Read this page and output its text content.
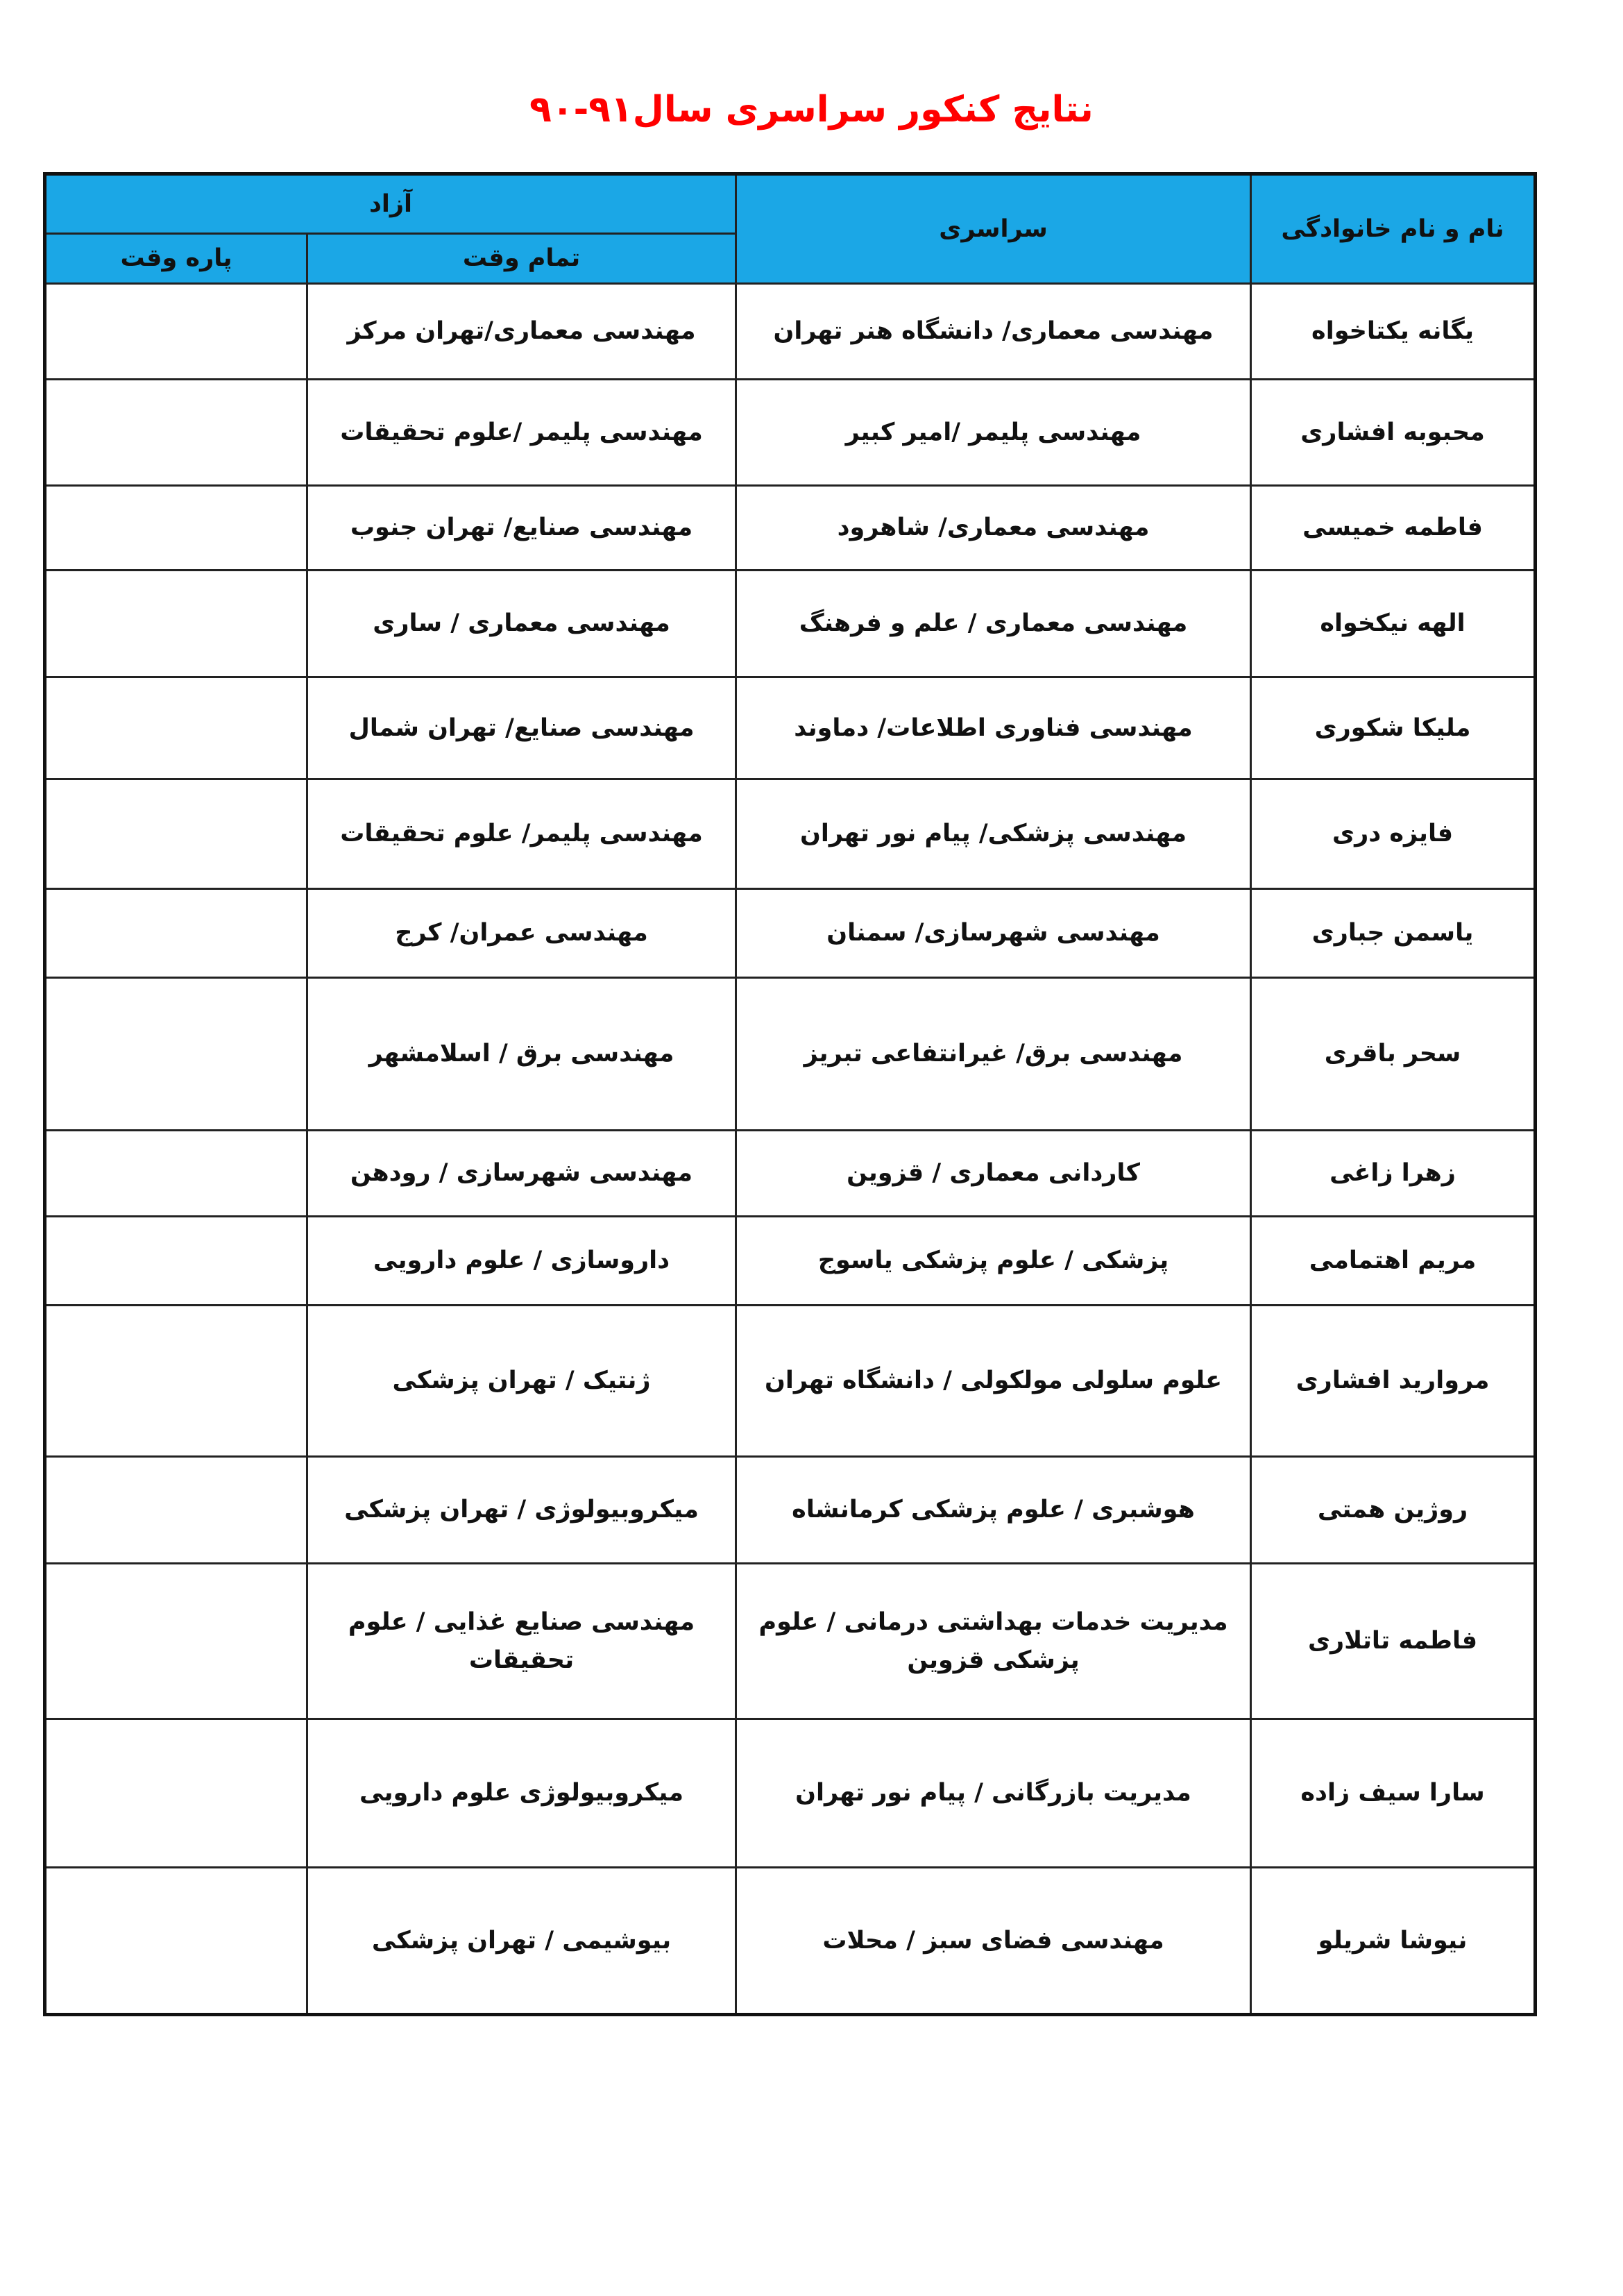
نتایج کنکور سراسری سال۹۱-۹۰
نام و نام خانوادگی	سراسری	آزاد	
		تمام وقت	پاره وقت
یگانه یکتاخواه	مهندسی معماری/ دانشگاه هنر تهران	مهندسی معماری/تهران مرکز	
محبوبه افشاری	مهندسی پلیمر /امیر کبیر	مهندسی پلیمر /علوم تحقیقات	
فاطمه خمیسی	مهندسی معماری/ شاهرود	مهندسی صنایع/ تهران جنوب	
الهه نیکخواه	مهندسی معماری / علم و فرهنگ	مهندسی معماری / ساری	
ملیکا شکوری	مهندسی فناوری اطلاعات/ دماوند	مهندسی صنایع/ تهران شمال	
فایزه دری	مهندسی پزشکی/ پیام نور تهران	مهندسی پلیمر/ علوم تحقیقات	
یاسمن جباری	مهندسی شهرسازی/ سمنان	مهندسی عمران/ کرج	
سحر باقری	مهندسی برق/ غیرانتفاعی تبریز	مهندسی برق / اسلامشهر	
زهرا زاغی	کاردانی معماری / قزوین	مهندسی شهرسازی / رودهن	
مریم اهتمامی	پزشکی / علوم پزشکی یاسوج	داروسازی / علوم دارویی	
مروارید افشاری	علوم سلولی مولکولی / دانشگاه تهران	ژنتیک / تهران پزشکی	
روژین همتی	هوشبری / علوم پزشکی کرمانشاه	میکروبیولوژی / تهران پزشکی	
فاطمه تاتلاری	مدیریت خدمات بهداشتی درمانی / علوم پزشکی قزوین	مهندسی صنایع غذایی / علوم تحقیقات	
سارا سیف زاده	مدیریت بازرگانی / پیام نور تهران	میکروبیولوژی علوم دارویی	
نیوشا شریلو	مهندسی فضای سبز / محلات	بیوشیمی / تهران پزشکی	
